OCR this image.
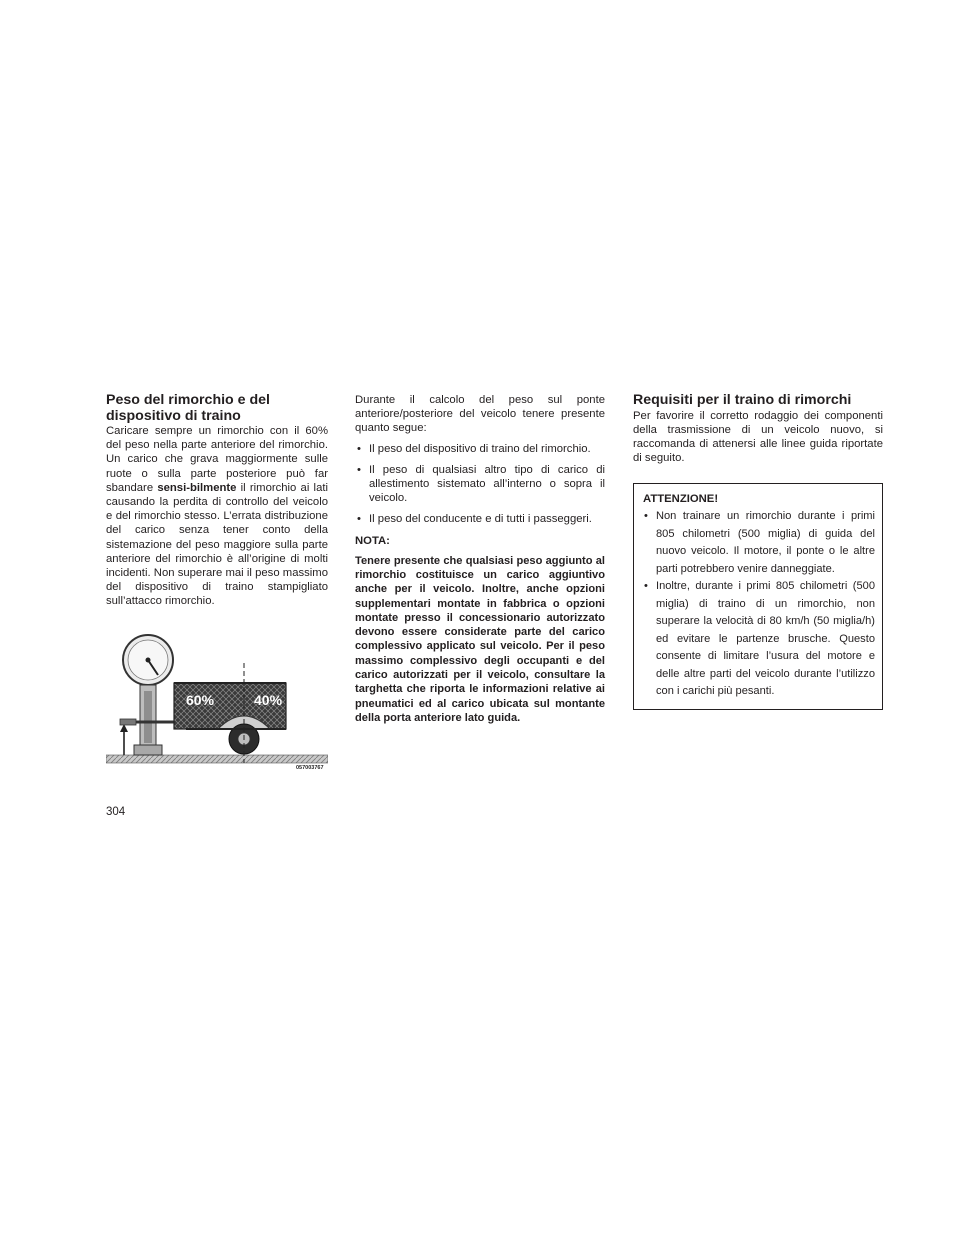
Peso del rimorchio e del dispositivo di traino

Caricare sempre un rimorchio con il 60% del peso nella parte anteriore del rimorchio. Un carico che grava maggiormente sulle ruote o sulla parte posteriore può far sbandare sensi-bilmente il rimorchio ai lati causando la perdita di controllo del veicolo e del rimorchio stesso. L’errata distribuzione del carico senza tener conto della sistemazione del peso maggiore sulla parte anteriore del rimorchio è all’origine di molti incidenti. Non superare mai il peso massimo del dispositivo di traino stampigliato sull’attacco rimorchio.

60%	40%
057003767

Durante il calcolo del peso sul ponte anteriore/posteriore del veicolo tenere presente quanto segue:

• Il peso del dispositivo di traino del rimorchio.
• Il peso di qualsiasi altro tipo di carico di allestimento sistemato all’interno o sopra il veicolo.
• Il peso del conducente e di tutti i passeggeri.

NOTA:

Tenere presente che qualsiasi peso aggiunto al rimorchio costituisce un carico aggiuntivo anche per il veicolo. Inoltre, anche opzioni supplementari montate in fabbrica o opzioni montate presso il concessionario autorizzato devono essere considerate parte del carico complessivo applicato sul veicolo. Per il peso massimo complessivo degli occupanti e del carico autorizzati per il veicolo, consultare la targhetta che riporta le informazioni relative ai pneumatici ed al carico ubicata sul montante della porta anteriore lato guida.

Requisiti per il traino di rimorchi

Per favorire il corretto rodaggio dei componenti della trasmissione di un veicolo nuovo, si raccomanda di attenersi alle linee guida riportate di seguito.

ATTENZIONE!

• Non trainare un rimorchio durante i primi 805 chilometri (500 miglia) di guida del nuovo veicolo. Il motore, il ponte o le altre parti potrebbero venire danneggiate.
• Inoltre, durante i primi 805 chilometri (500 miglia) di traino di un rimorchio, non superare la velocità di 80 km/h (50 miglia/h) ed evitare le partenze brusche. Questo consente di limitare l’usura del motore e delle altre parti del veicolo durante l’utilizzo con i carichi più pesanti.
304
